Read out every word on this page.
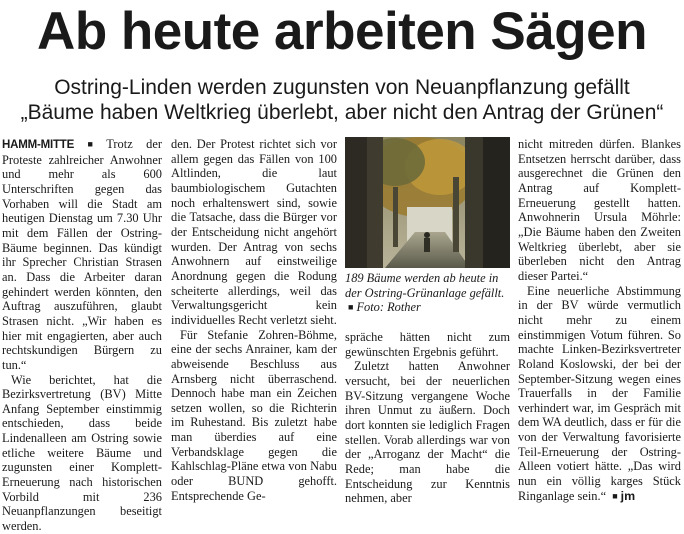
Ab heute arbeiten Sägen
Ostring-Linden werden zugunsten von Neuanpflanzung gefällt
„Bäume haben Weltkrieg überlebt, aber nicht den Antrag der Grünen“

HAMM-MITTE ■ Trotz der Proteste zahlreicher Anwohner und mehr als 600 Unterschriften gegen das Vorhaben will die Stadt am heutigen Dienstag um 7.30 Uhr mit dem Fällen der Ostring-Bäume beginnen. Das kündigt ihr Sprecher Christian Strasen an. Dass die Arbeiter daran gehindert werden könnten, den Auftrag auszuführen, glaubt Strasen nicht. „Wir haben es hier mit engagierten, aber auch rechtskundigen Bürgern zu tun.“

Wie berichtet, hat die Bezirksvertretung (BV) Mitte Anfang September einstimmig entschieden, dass beide Lindenalleen am Ostring sowie etliche weitere Bäume und zugunsten einer Komplett-Erneuerung nach historischen Vorbild mit 236 Neuanpflanzungen beseitigt werden.

den. Der Protest richtet sich vor allem gegen das Fällen von 100 Altlinden, die laut baumbiologischem Gutachten noch erhaltenswert sind, sowie die Tatsache, dass die Bürger vor der Entscheidung nicht angehört wurden. Der Antrag von sechs Anwohnern auf einstweilige Anordnung gegen die Rodung scheiterte allerdings, weil das Verwaltungsgericht kein individuelles Recht verletzt sieht.

Für Stefanie Zohren-Böhme, eine der sechs Anrainer, kam der abweisende Beschluss aus Arnsberg nicht überraschend. Dennoch habe man ein Zeichen setzen wollen, so die Richterin im Ruhestand. Bis zuletzt habe man überdies auf eine Verbandsklage gegen die Kahlschlag-Pläne etwa von Nabu oder BUND gehofft. Entsprechende Ge-

189 Bäume werden ab heute in der Ostring-Grünanlage gefällt. ■ Foto: Rother

spräche hätten nicht zum gewünschten Ergebnis geführt.

Zuletzt hatten Anwohner versucht, bei der neuerlichen BV-Sitzung vergangene Woche ihren Unmut zu äußern. Doch dort konnten sie lediglich Fragen stellen. Vorab allerdings war von der „Arroganz der Macht“ die Rede; man habe die Entscheidung zur Kenntnis nehmen, aber

nicht mitreden dürfen. Blankes Entsetzen herrscht darüber, dass ausgerechnet die Grünen den Antrag auf Komplett-Erneuerung gestellt hatten. Anwohnerin Ursula Möhrle: „Die Bäume haben den Zweiten Weltkrieg überlebt, aber sie überleben nicht den Antrag dieser Partei.“

Eine neuerliche Abstimmung in der BV würde vermutlich nicht mehr zu einem einstimmigen Votum führen. So machte Linken-Bezirksvertreter Roland Koslowski, der bei der September-Sitzung wegen eines Trauerfalls in der Familie verhindert war, im Gespräch mit dem WA deutlich, dass er für die von der Verwaltung favorisierte Teil-Erneuerung der Ostring-Alleen votiert hätte. „Das wird nun ein völlig karges Stück Ringanlage sein.“ ■ jm
